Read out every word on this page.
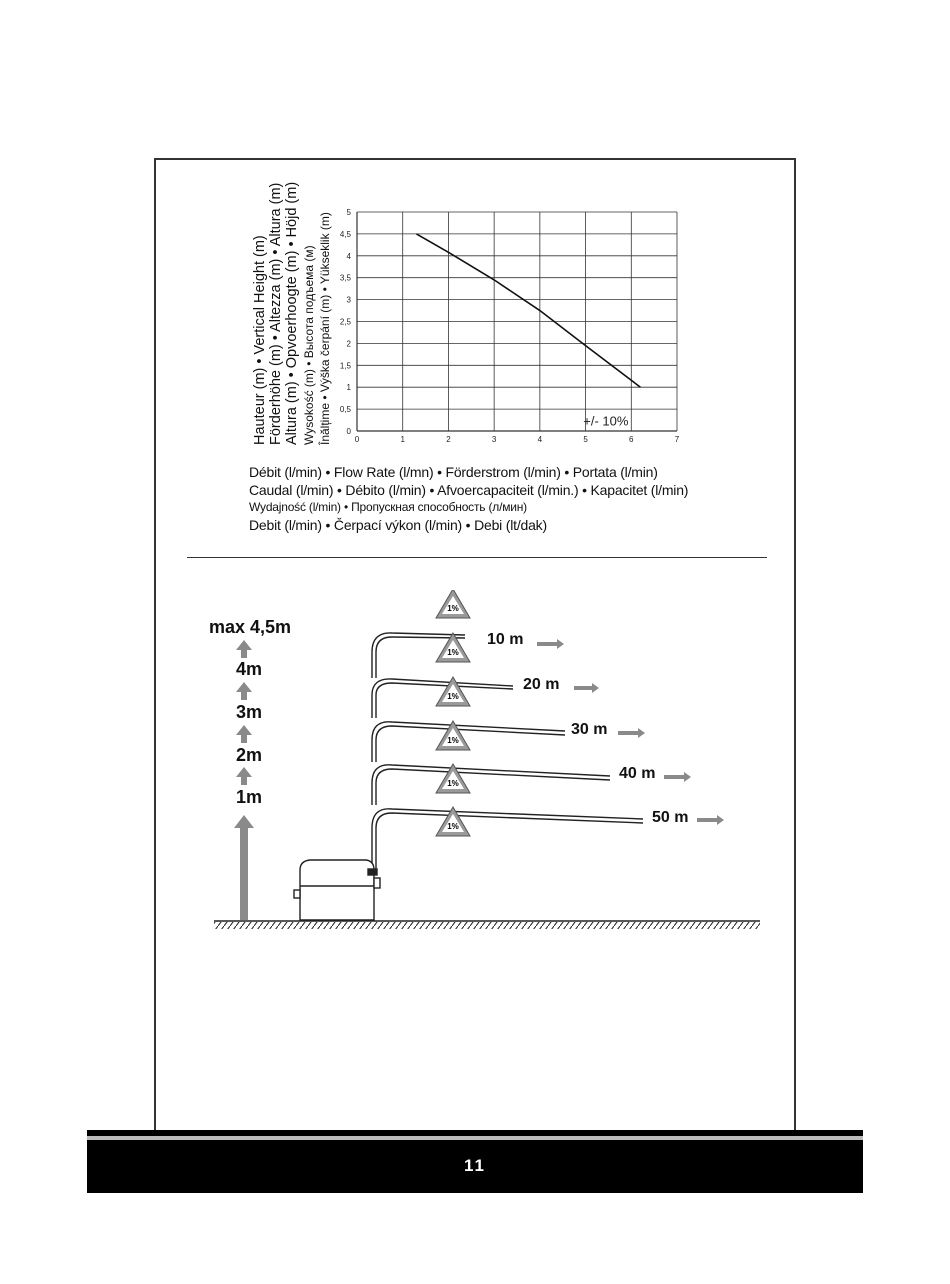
Hauteur (m) • Vertical Height (m) Förderhöhe (m) • Altezza (m) • Altura (m) Altura (m) • Opvoerhoogte (m) • Höjd (m) Wysokość (m) • Высота подъема (м) Înălțime • Výška čerpání (m) • Yükseklik (m)	0	1	2	3	4	5	6	7
0
0,5
1
1,5
2
2,5
3
3,5
4
4,5
5
+/- 10%
Débit (l/min) • Flow Rate (l/mn) • Förderstrom (l/min) • Portata (l/min)
Caudal (l/min) • Débito (l/min) • Afvoercapaciteit (l/min.) • Kapacitet (l/min)
Wydajność (l/min) • Пропускная способность (л/мин)
Debit (l/min) • Čerpací výkon (l/min) • Debi (lt/dak)
max 4,5m
4m
3m
2m
1m
10 m
20 m
30 m
40 m
50 m
1%
1%
1%
1%
1%
1%
11
